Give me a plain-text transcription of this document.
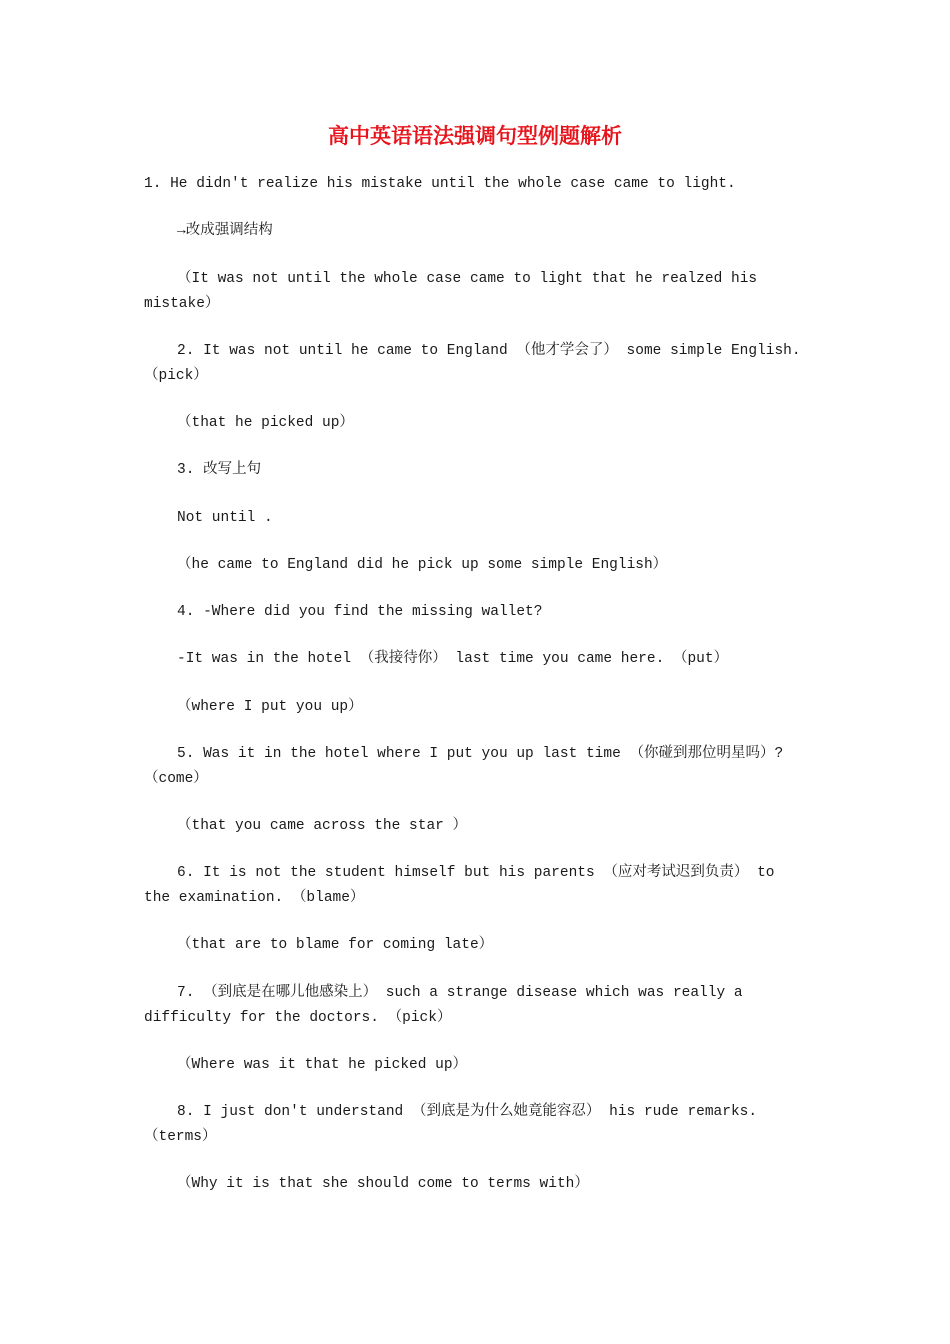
高中英语语法强调句型例题解析
1. He didn't realize his mistake until the whole case came to light.
→改成强调结构
（It was not until the whole case came to light that he realzed his
mistake）
2. It was not until he came to England （他才学会了） some simple English.
（pick）
（that he picked up）
3. 改写上句
Not until .
（he came to England did he pick up some simple English）
4. -Where did you find the missing wallet?
-It was in the hotel （我接待你） last time you came here. （put）
（where I put you up）
5. Was it in the hotel where I put you up last time （你碰到那位明星吗）?
（come）
（that you came across the star ）
6. It is not the student himself but his parents （应对考试迟到负责） to
the examination. （blame）
（that are to blame for coming late）
7. （到底是在哪儿他感染上） such a strange disease which was really a
difficulty for the doctors. （pick）
（Where was it that he picked up）
8. I just don't understand （到底是为什么她竟能容忍） his rude remarks.
（terms）
（Why it is that she should come to terms with）
